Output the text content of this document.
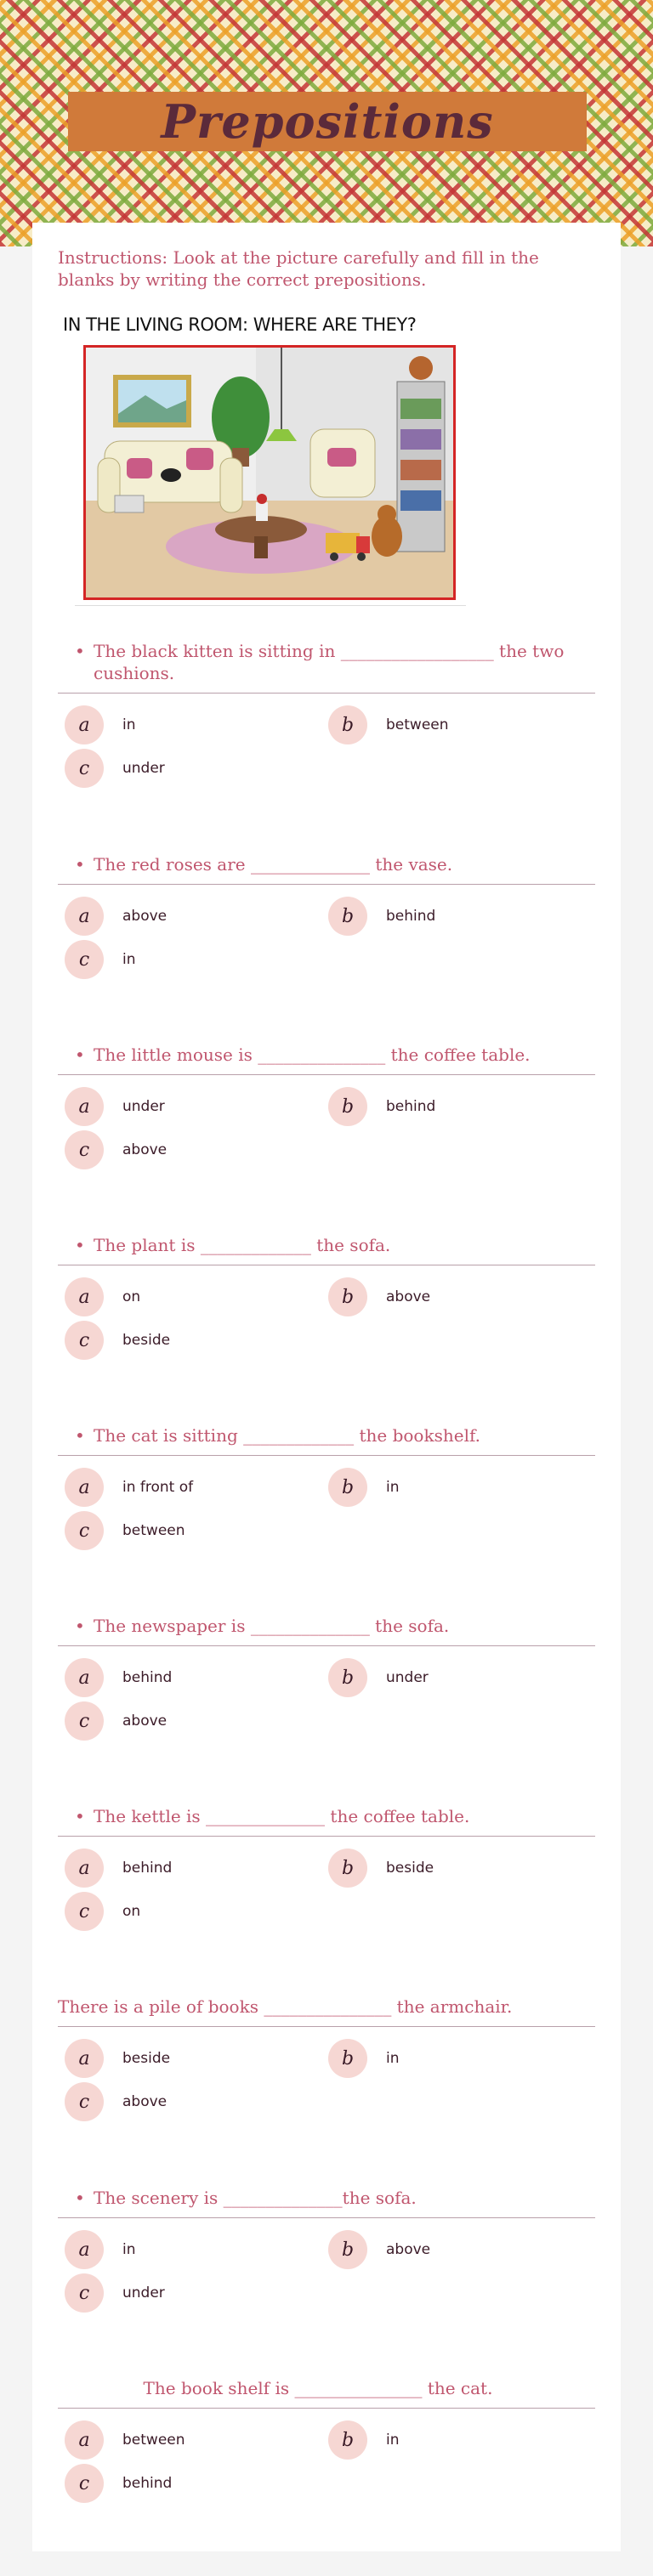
Prepositions
Instructions: Look at the picture carefully and fill in the blanks by writing the correct prepositions.
IN THE LIVING ROOM: WHERE ARE THEY?
• The black kitten is sitting in __________________ the two cushions.
a	in	b	between
c	under
• The red roses are ______________ the vase.
a	above	b	behind
c	in
• The little mouse is _______________ the coffee table.
a	under	b	behind
c	above
• The plant is _____________ the sofa.
a	on	b	above
c	beside
• The cat is sitting _____________ the bookshelf.
a	in front of	b	in
c	between
• The newspaper is ______________ the sofa.
a	behind	b	under
c	above
• The kettle is ______________ the coffee table.
a	behind	b	beside
c	on
There is a pile of books _______________ the armchair.
a	beside	b	in
c	above
• The scenery is ______________the sofa.
a	in	b	above
c	under
The book shelf is _______________ the cat.
a	between	b	in
c	behind
